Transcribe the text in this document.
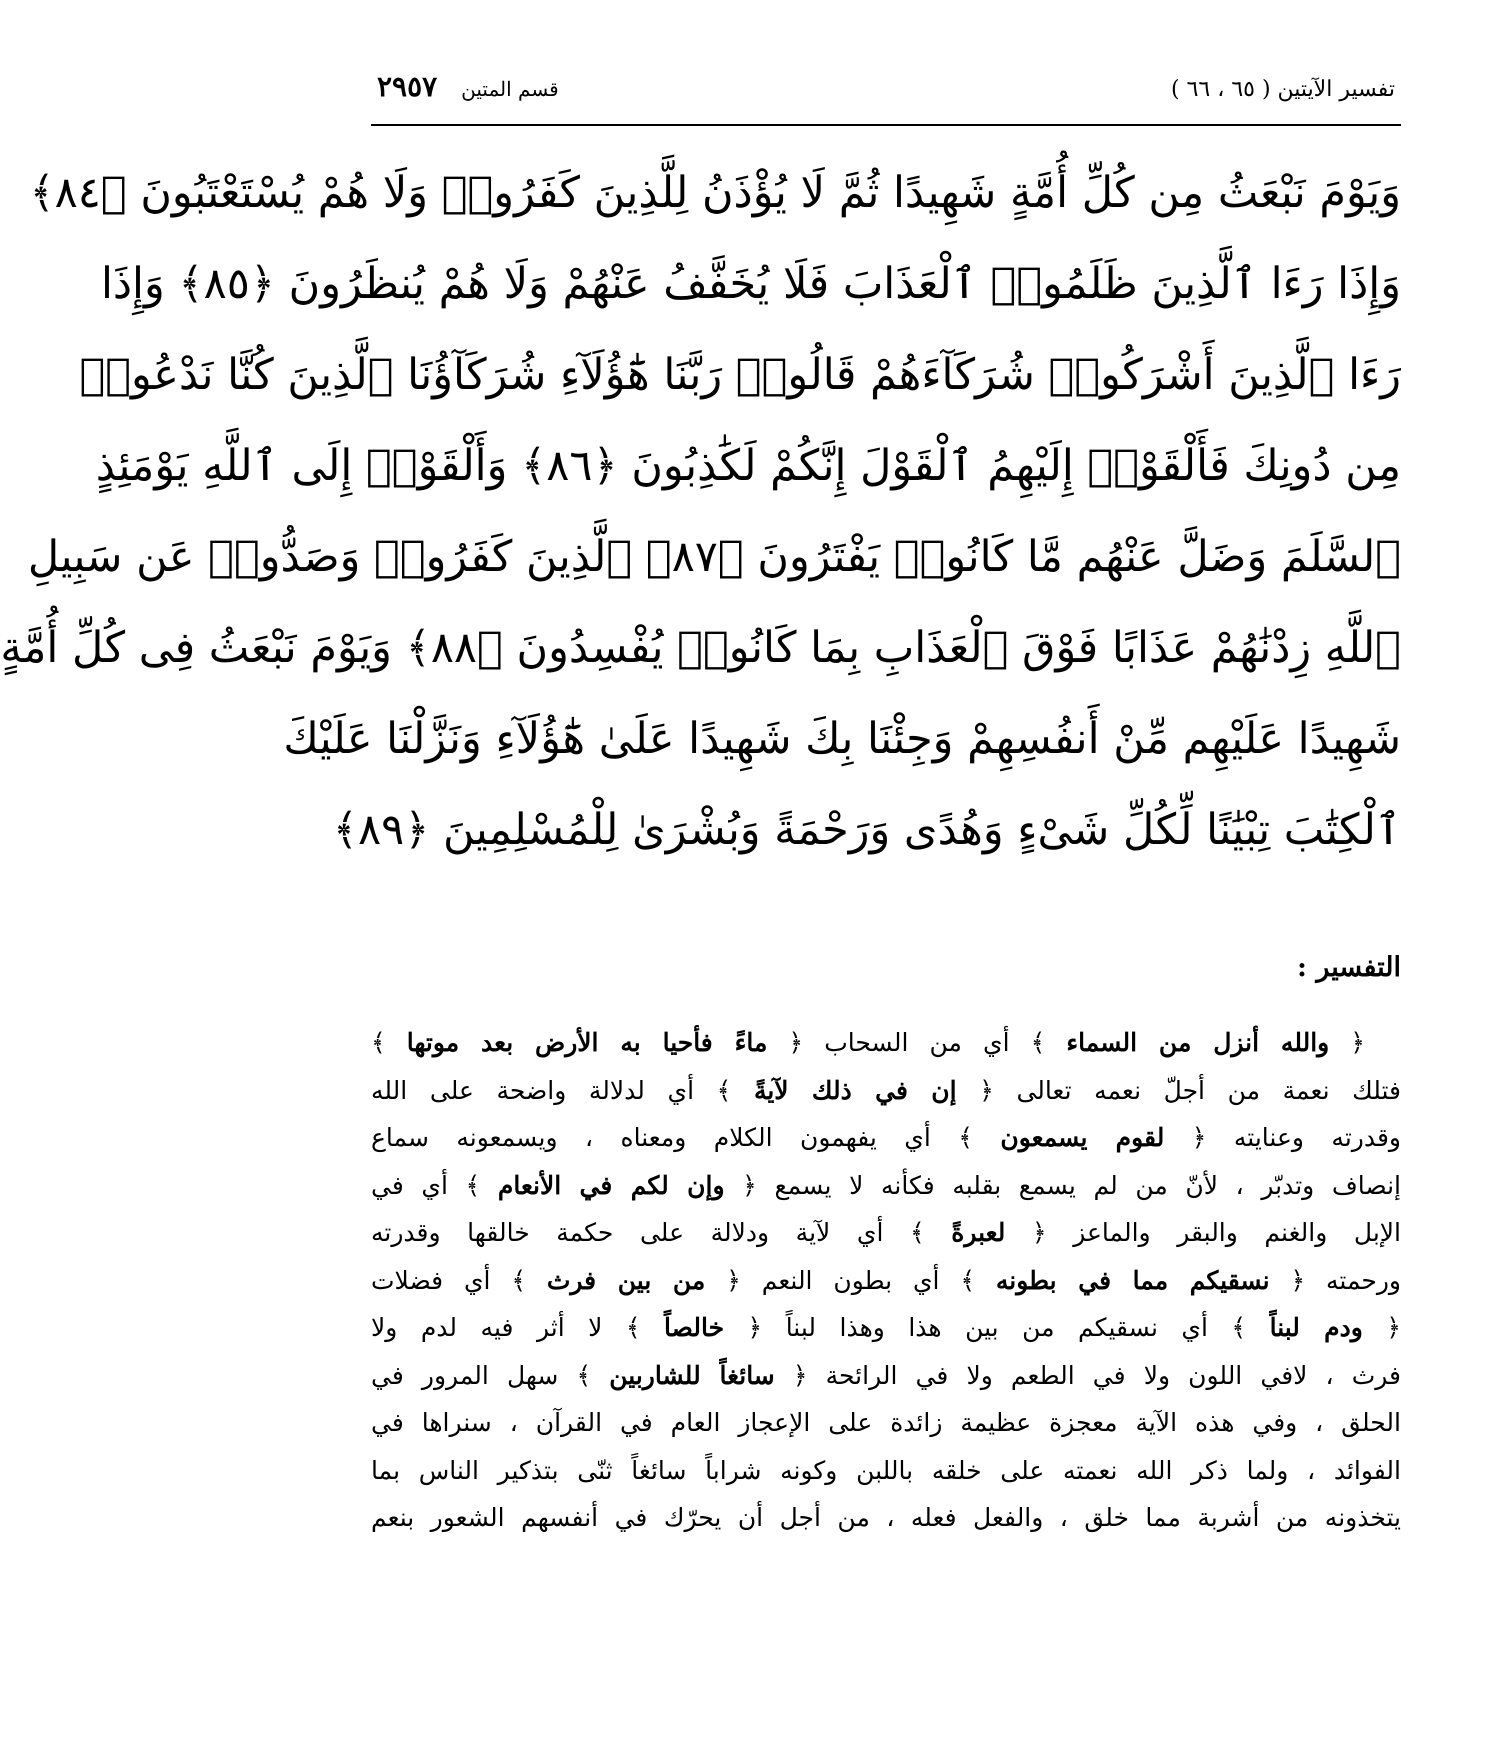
تفسير الآيتين ( ٦٥ ، ٦٦ )
قسم المتين
٢٩٥٧
وَيَوْمَ نَبْعَثُ مِن كُلِّ أُمَّةٍ شَهِيدًا ثُمَّ لَا يُؤْذَنُ لِلَّذِينَ كَفَرُوا۟ وَلَا هُمْ يُسْتَعْتَبُونَ ﴿٨٤﴾
وَإِذَا رَءَا ٱلَّذِينَ ظَلَمُوا۟ ٱلْعَذَابَ فَلَا يُخَفَّفُ عَنْهُمْ وَلَا هُمْ يُنظَرُونَ ﴿٨٥﴾ وَإِذَا
رَءَا ٱلَّذِينَ أَشْرَكُوا۟ شُرَكَآءَهُمْ قَالُوا۟ رَبَّنَا هَٰٓؤُلَآءِ شُرَكَآؤُنَا ٱلَّذِينَ كُنَّا نَدْعُوا۟
مِن دُونِكَ فَأَلْقَوْا۟ إِلَيْهِمُ ٱلْقَوْلَ إِنَّكُمْ لَكَٰذِبُونَ ﴿٨٦﴾ وَأَلْقَوْا۟ إِلَى ٱللَّهِ يَوْمَئِذٍ
ٱلسَّلَمَ وَضَلَّ عَنْهُم مَّا كَانُوا۟ يَفْتَرُونَ ﴿٨٧﴾ ٱلَّذِينَ كَفَرُوا۟ وَصَدُّوا۟ عَن سَبِيلِ
ٱللَّهِ زِدْنَٰهُمْ عَذَابًا فَوْقَ ٱلْعَذَابِ بِمَا كَانُوا۟ يُفْسِدُونَ ﴿٨٨﴾ وَيَوْمَ نَبْعَثُ فِى كُلِّ أُمَّةٍ
شَهِيدًا عَلَيْهِم مِّنْ أَنفُسِهِمْ وَجِئْنَا بِكَ شَهِيدًا عَلَىٰ هَٰٓؤُلَآءِ وَنَزَّلْنَا عَلَيْكَ
ٱلْكِتَٰبَ تِبْيَٰنًا لِّكُلِّ شَىْءٍ وَهُدًى وَرَحْمَةً وَبُشْرَىٰ لِلْمُسْلِمِينَ ﴿٨٩﴾
التفسير :
﴿ والله أنزل من السماء ﴾ أي من السحاب ﴿ ماءً فأحيا به الأرض بعد موتها ﴾
فتلك نعمة من أجلّ نعمه تعالى ﴿ إن في ذلك لآيةً ﴾ أي لدلالة واضحة على الله
وقدرته وعنايته ﴿ لقوم يسمعون ﴾ أي يفهمون الكلام ومعناه ، ويسمعونه سماع
إنصاف وتدبّر ، لأنّ من لم يسمع بقلبه فكأنه لا يسمع ﴿ وإن لكم في الأنعام ﴾ أي في
الإبل والغنم والبقر والماعز ﴿ لعبرةً ﴾ أي لآية ودلالة على حكمة خالقها وقدرته
ورحمته ﴿ نسقيكم مما في بطونه ﴾ أي بطون النعم ﴿ من بين فرث ﴾ أي فضلات
﴿ ودم لبناً ﴾ أي نسقيكم من بين هذا وهذا لبناً ﴿ خالصاً ﴾ لا أثر فيه لدم ولا
فرث ، لافي اللون ولا في الطعم ولا في الرائحة ﴿ سائغاً للشاربين ﴾ سهل المرور في
الحلق ، وفي هذه الآية معجزة عظيمة زائدة على الإعجاز العام في القرآن ، سنراها في
الفوائد ، ولما ذكر الله نعمته على خلقه باللبن وكونه شراباً سائغاً ثنّى بتذكير الناس بما
يتخذونه من أشربة مما خلق ، والفعل فعله ، من أجل أن يحرّك في أنفسهم الشعور بنعم
